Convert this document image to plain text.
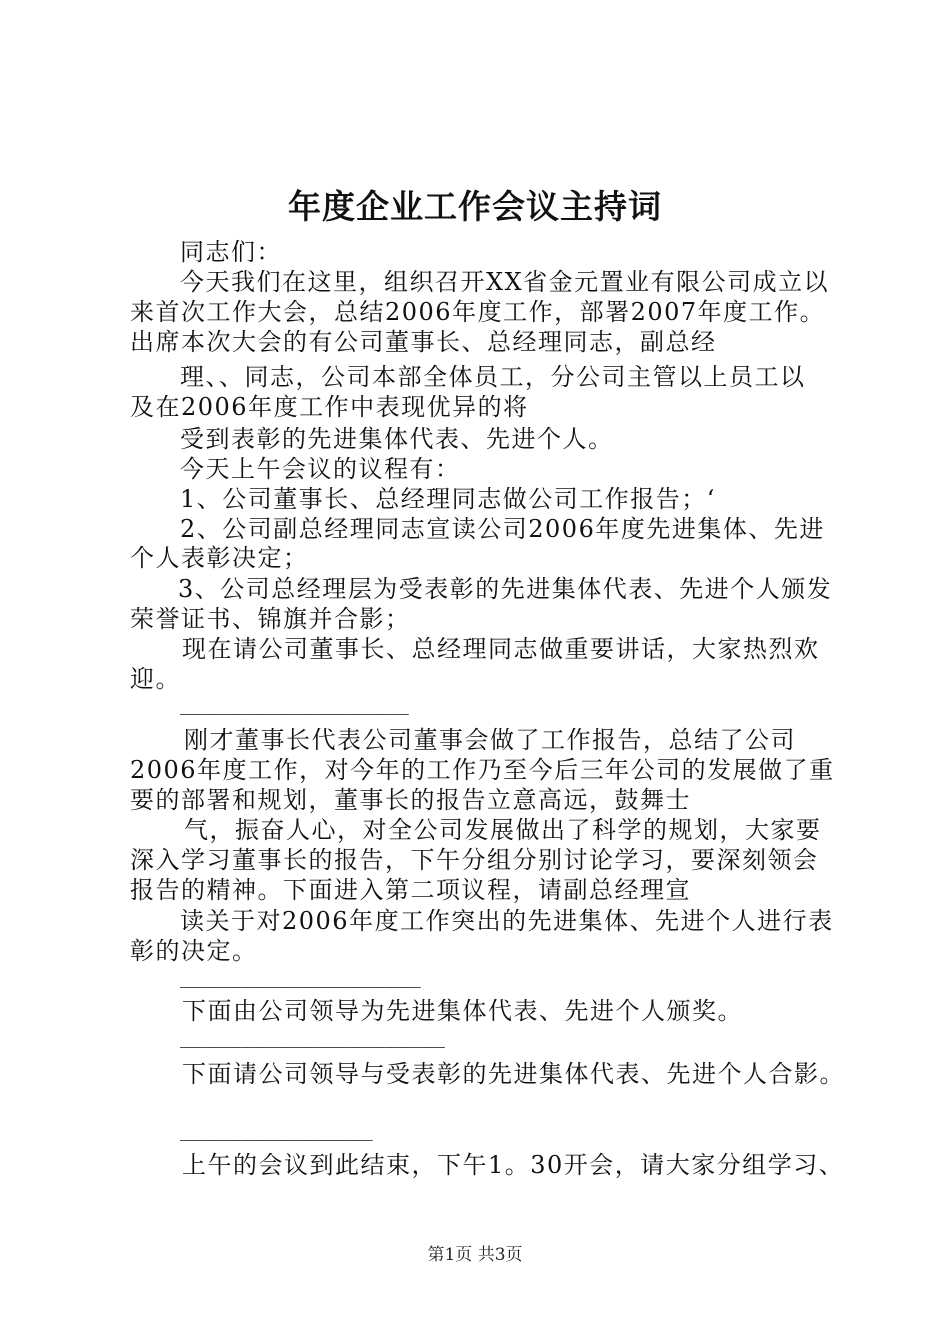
年度企业工作会议主持词
同志们：
今天我们在这里，组织召开XX省金元置业有限公司成立以
来首次工作大会，总结2006年度工作，部署2007年度工作。
出席本次大会的有公司董事长、总经理同志，副总经
理、、同志，公司本部全体员工，分公司主管以上员工以
及在2006年度工作中表现优异的将
受到表彰的先进集体代表、先进个人。
今天上午会议的议程有：
1、公司董事长、总经理同志做公司工作报告；‘
2、公司副总经理同志宣读公司2006年度先进集体、先进
个人表彰决定；
3、公司总经理层为受表彰的先进集体代表、先进个人颁发
荣誉证书、锦旗并合影；
现在请公司董事长、总经理同志做重要讲话，大家热烈欢
迎。
___________________
刚才董事长代表公司董事会做了工作报告，总结了公司
2006年度工作，对今年的工作乃至今后三年公司的发展做了重
要的部署和规划，董事长的报告立意高远，鼓舞士
气，振奋人心，对全公司发展做出了科学的规划，大家要
深入学习董事长的报告，下午分组分别讨论学习，要深刻领会
报告的精神。下面进入第二项议程，请副总经理宣
读关于对2006年度工作突出的先进集体、先进个人进行表
彰的决定。
____________________
下面由公司领导为先进集体代表、先进个人颁奖。
______________________
下面请公司领导与受表彰的先进集体代表、先进个人合影。
________________
上午的会议到此结束，下午1。30开会，请大家分组学习、
第1页 共3页
